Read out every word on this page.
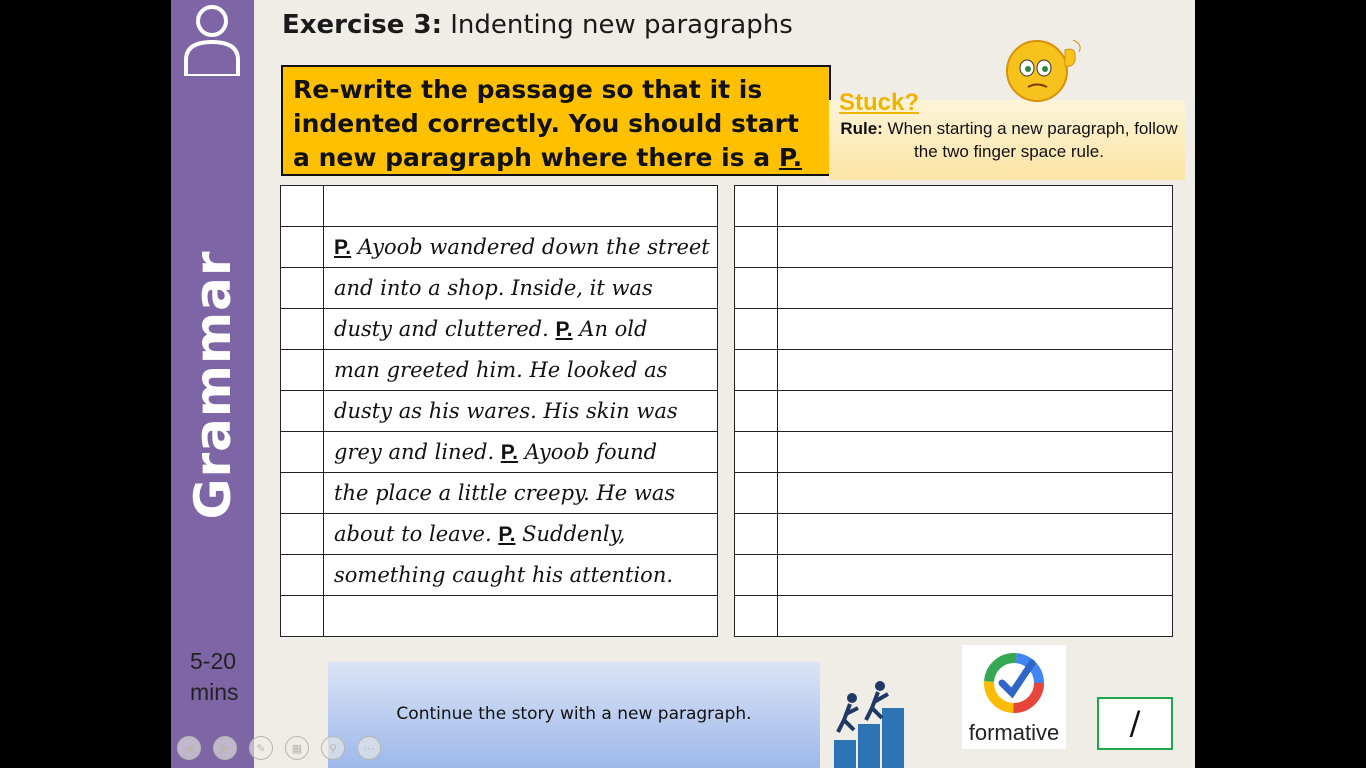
Grammar
5-20 mins
Exercise 3: Indenting new paragraphs
Re-write the passage so that it is indented correctly. You should start a new paragraph where there is a P.
Stuck?
Rule: When starting a new paragraph, follow the two finger space rule.

	P. Ayoob wandered down the street
	and into a shop. Inside, it was
	dusty and cluttered. P. An old
	man greeted him. He looked as
	dusty as his wares. His skin was
	grey and lined. P. Ayoob found
	the place a little creepy. He was
	about to leave. P. Suddenly,
	something caught his attention.

Continue the story with a new paragraph.
formative	/
◀	▶	✎	▦	⚲	⋯
